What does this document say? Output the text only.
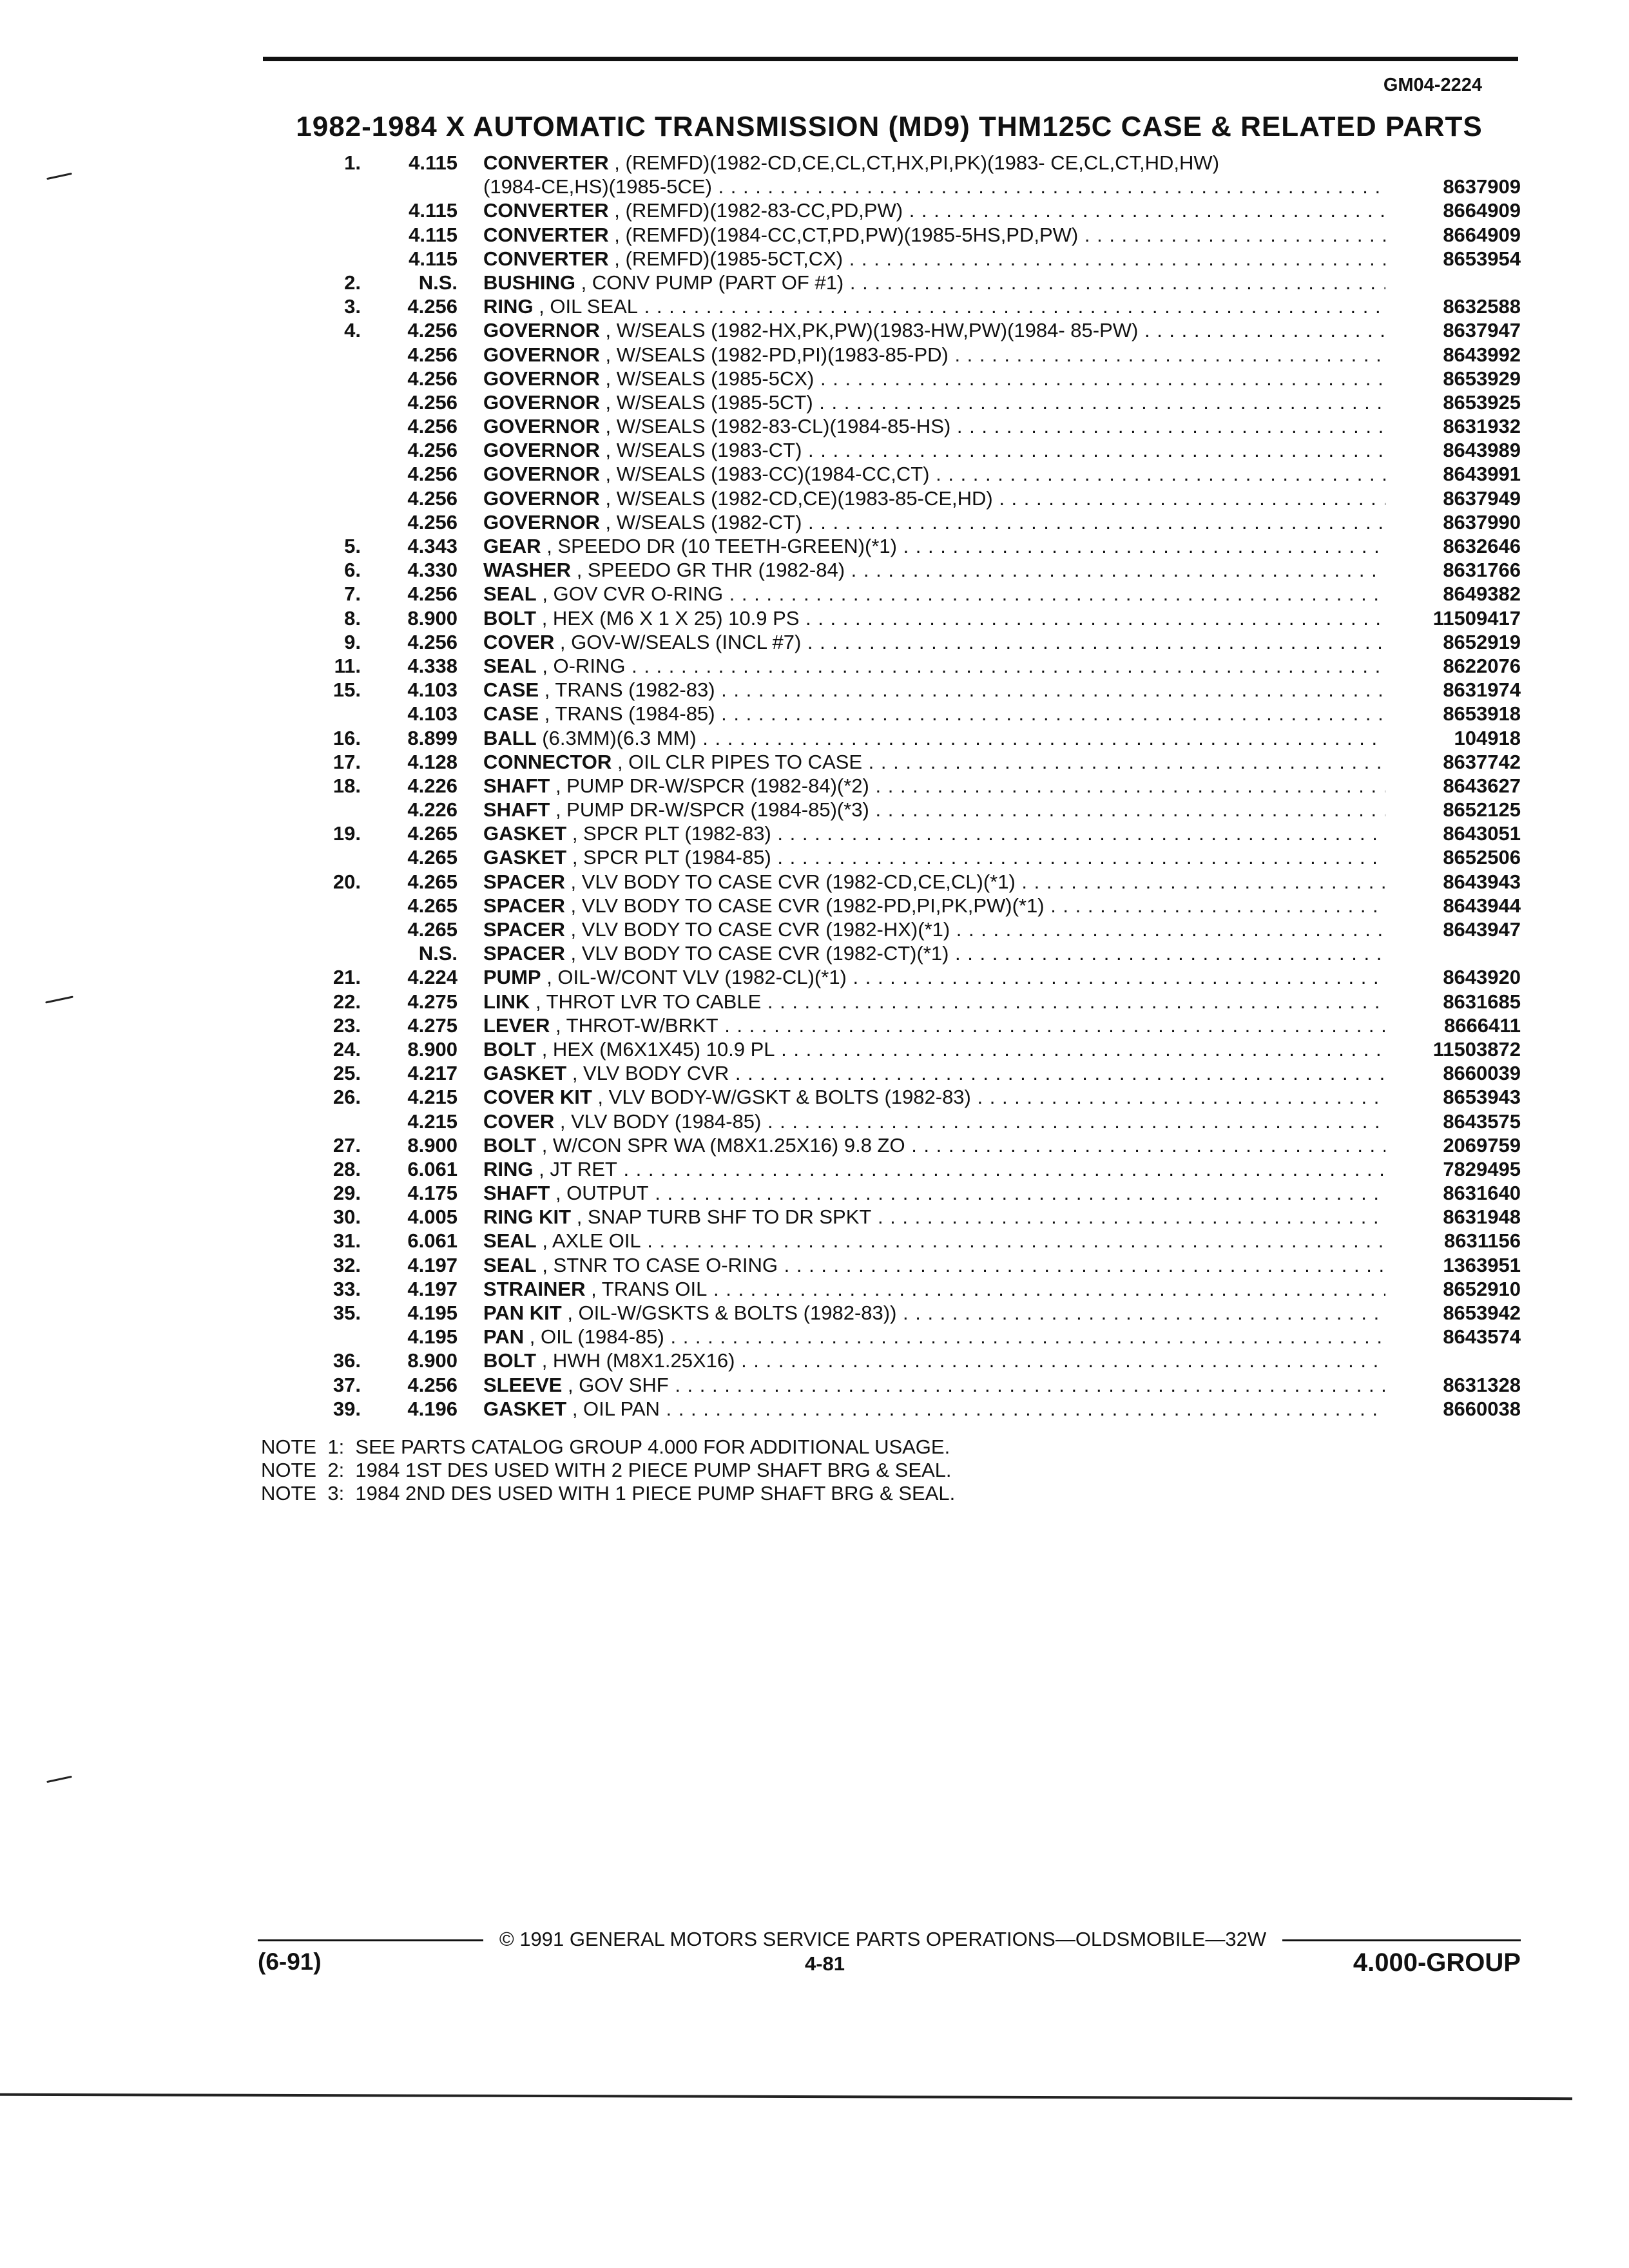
GM04-2224
1982-1984 X AUTOMATIC TRANSMISSION (MD9) THM125C CASE & RELATED PARTS
1.	4.115 CONVERTER , (REMFD)(1982-CD,CE,CL,CT,HX,PI,PK)(1983- CE,CL,CT,HD,HW)
(1984-CE,HS)(1985-5CE) . . .	8637909
4.115 CONVERTER , (REMFD)(1982-83-CC,PD,PW) . . .	8664909
4.115 CONVERTER , (REMFD)(1984-CC,CT,PD,PW)(1985-5HS,PD,PW) . . .	8664909
4.115 CONVERTER , (REMFD)(1985-5CT,CX) . . .	8653954
2.	N.S. BUSHING , CONV PUMP (PART OF #1) . . .
3.	4.256 RING , OIL SEAL . . .	8632588
4.	4.256 GOVERNOR , W/SEALS (1982-HX,PK,PW)(1983-HW,PW)(1984- 85-PW) . . .	8637947
4.256 GOVERNOR , W/SEALS (1982-PD,PI)(1983-85-PD) . . .	8643992
4.256 GOVERNOR , W/SEALS (1985-5CX) . . .	8653929
4.256 GOVERNOR , W/SEALS (1985-5CT) . . .	8653925
4.256 GOVERNOR , W/SEALS (1982-83-CL)(1984-85-HS) . . .	8631932
4.256 GOVERNOR , W/SEALS (1983-CT) . . .	8643989
4.256 GOVERNOR , W/SEALS (1983-CC)(1984-CC,CT) . . .	8643991
4.256 GOVERNOR , W/SEALS (1982-CD,CE)(1983-85-CE,HD) . . .	8637949
4.256 GOVERNOR , W/SEALS (1982-CT) . . .	8637990
5.	4.343 GEAR , SPEEDO DR (10 TEETH-GREEN)(*1) . . .	8632646
6.	4.330 WASHER , SPEEDO GR THR (1982-84) . . .	8631766
7.	4.256 SEAL , GOV CVR O-RING . . .	8649382
8.	8.900 BOLT , HEX (M6 X 1 X 25) 10.9 PS . . .	11509417
9.	4.256 COVER , GOV-W/SEALS (INCL #7) . . .	8652919
11.	4.338 SEAL , O-RING . . .	8622076
15.	4.103 CASE , TRANS (1982-83) . . .	8631974
4.103 CASE , TRANS (1984-85) . . .	8653918
16.	8.899 BALL (6.3MM)(6.3 MM) . . .	104918
17.	4.128 CONNECTOR , OIL CLR PIPES TO CASE . . .	8637742
18.	4.226 SHAFT , PUMP DR-W/SPCR (1982-84)(*2) . . .	8643627
4.226 SHAFT , PUMP DR-W/SPCR (1984-85)(*3) . . .	8652125
19.	4.265 GASKET , SPCR PLT (1982-83) . . .	8643051
4.265 GASKET , SPCR PLT (1984-85) . . .	8652506
20.	4.265 SPACER , VLV BODY TO CASE CVR (1982-CD,CE,CL)(*1) . . .	8643943
4.265 SPACER , VLV BODY TO CASE CVR (1982-PD,PI,PK,PW)(*1) . . .	8643944
4.265 SPACER , VLV BODY TO CASE CVR (1982-HX)(*1) . . .	8643947
N.S. SPACER , VLV BODY TO CASE CVR (1982-CT)(*1) . . .
21.	4.224 PUMP , OIL-W/CONT VLV (1982-CL)(*1) . . .	8643920
22.	4.275 LINK , THROT LVR TO CABLE . . .	8631685
23.	4.275 LEVER , THROT-W/BRKT . . .	8666411
24.	8.900 BOLT , HEX (M6X1X45) 10.9 PL . . .	11503872
25.	4.217 GASKET , VLV BODY CVR . . .	8660039
26.	4.215 COVER KIT , VLV BODY-W/GSKT & BOLTS (1982-83) . . .	8653943
4.215 COVER , VLV BODY (1984-85) . . .	8643575
27.	8.900 BOLT , W/CON SPR WA (M8X1.25X16) 9.8 ZO . . .	2069759
28.	6.061 RING , JT RET . . .	7829495
29.	4.175 SHAFT , OUTPUT . . .	8631640
30.	4.005 RING KIT , SNAP TURB SHF TO DR SPKT . . .	8631948
31.	6.061 SEAL , AXLE OIL . . .	8631156
32.	4.197 SEAL , STNR TO CASE O-RING . . .	1363951
33.	4.197 STRAINER , TRANS OIL . . .	8652910
35.	4.195 PAN KIT , OIL-W/GSKTS & BOLTS (1982-83)) . . .	8653942
4.195 PAN , OIL (1984-85) . . .	8643574
36.	8.900 BOLT , HWH (M8X1.25X16) . . .
37.	4.256 SLEEVE , GOV SHF . . .	8631328
39.	4.196 GASKET , OIL PAN . . .	8660038
NOTE  1:  SEE PARTS CATALOG GROUP 4.000 FOR ADDITIONAL USAGE.
NOTE  2:  1984 1ST DES USED WITH 2 PIECE PUMP SHAFT BRG & SEAL.
NOTE  3:  1984 2ND DES USED WITH 1 PIECE PUMP SHAFT BRG & SEAL.
© 1991 GENERAL MOTORS SERVICE PARTS OPERATIONS—OLDSMOBILE—32W
(6-91)	4-81	4.000-GROUP
